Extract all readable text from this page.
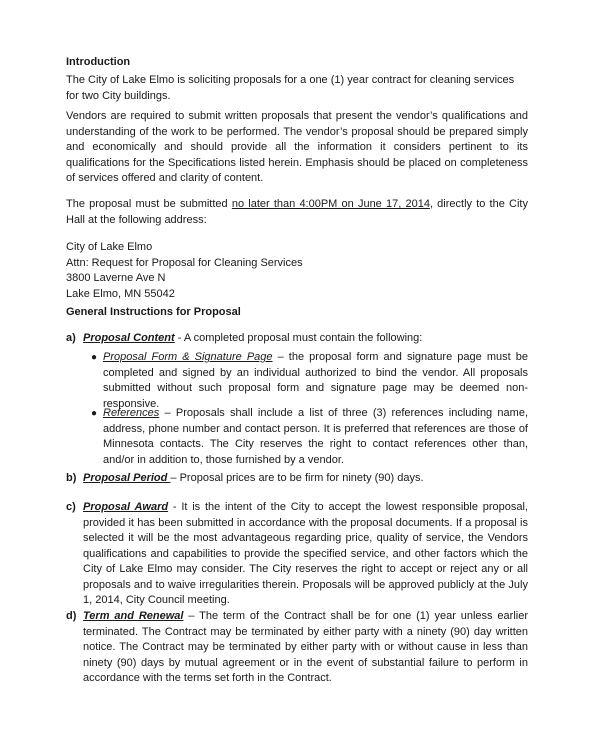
Introduction

The City of Lake Elmo is soliciting proposals for a one (1) year contract for cleaning services for two City buildings.

Vendors are required to submit written proposals that present the vendor’s qualifications and understanding of the work to be performed. The vendor’s proposal should be prepared simply and economically and should provide all the information it considers pertinent to its qualifications for the Specifications listed herein. Emphasis should be placed on completeness of services offered and clarity of content.

The proposal must be submitted no later than 4:00PM on June 17, 2014, directly to the City Hall at the following address:

City of Lake Elmo
Attn: Request for Proposal for Cleaning Services
3800 Laverne Ave N
Lake Elmo, MN 55042
General Instructions for Proposal
a) Proposal Content - A completed proposal must contain the following:

● Proposal Form & Signature Page – the proposal form and signature page must be completed and signed by an individual authorized to bind the vendor. All proposals submitted without such proposal form and signature page may be deemed non-responsive.

● References – Proposals shall include a list of three (3) references including name, address, phone number and contact person. It is preferred that references are those of Minnesota contacts. The City reserves the right to contact references other than, and/or in addition to, those furnished by a vendor.

b) Proposal Period – Proposal prices are to be firm for ninety (90) days.

c) Proposal Award - It is the intent of the City to accept the lowest responsible proposal, provided it has been submitted in accordance with the proposal documents. If a proposal is selected it will be the most advantageous regarding price, quality of service, the Vendors qualifications and capabilities to provide the specified service, and other factors which the City of Lake Elmo may consider. The City reserves the right to accept or reject any or all proposals and to waive irregularities therein. Proposals will be approved publicly at the July 1, 2014, City Council meeting.

d) Term and Renewal – The term of the Contract shall be for one (1) year unless earlier terminated. The Contract may be terminated by either party with a ninety (90) day written notice. The Contract may be terminated by either party with or without cause in less than ninety (90) days by mutual agreement or in the event of substantial failure to perform in accordance with the terms set forth in the Contract.
